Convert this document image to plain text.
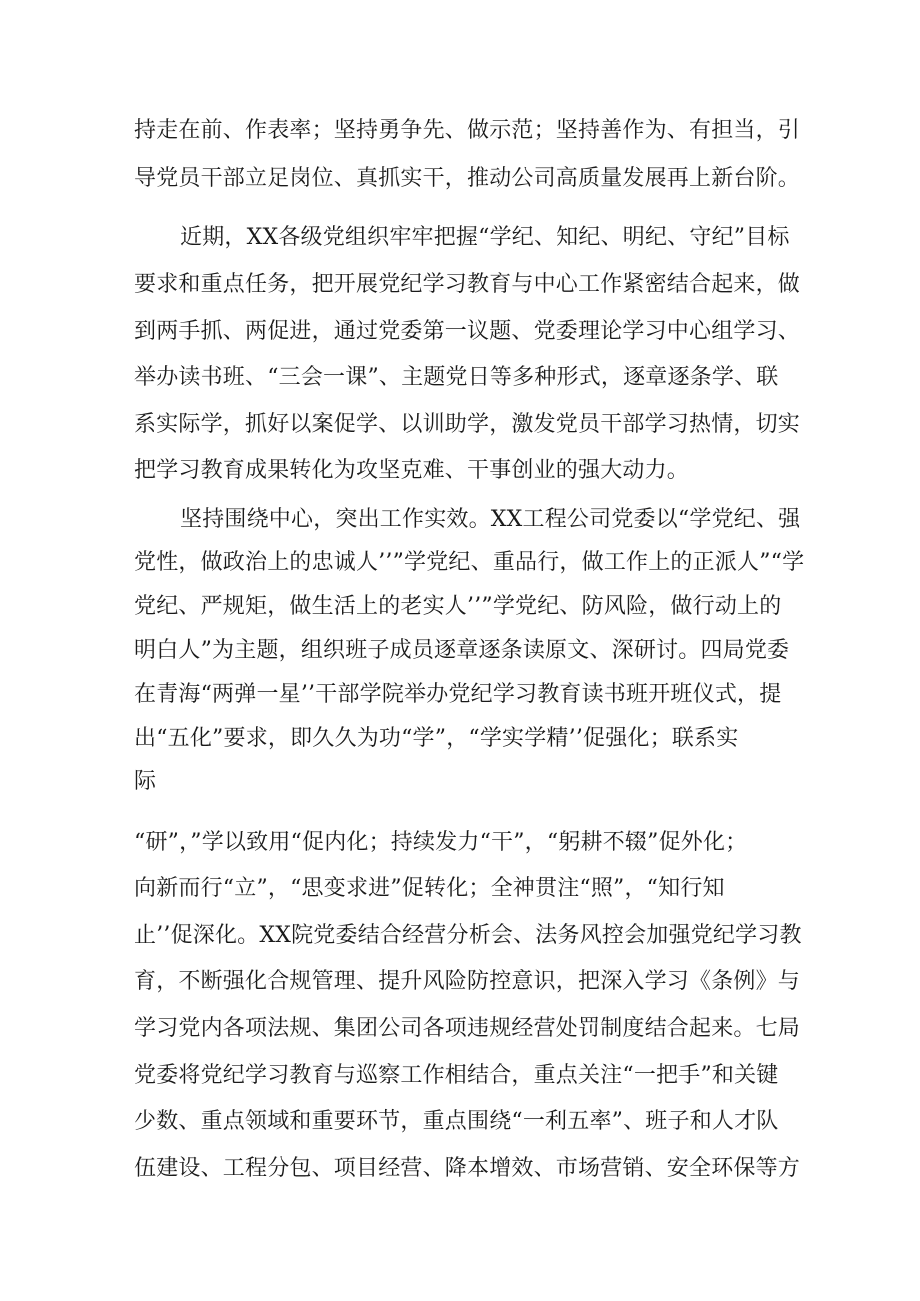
持走在前、作表率；坚持勇争先、做示范；坚持善作为、有担当，引
导党员干部立足岗位、真抓实干，推动公司高质量发展再上新台阶。
近期，XX各级党组织牢牢把握“学纪、知纪、明纪、守纪”目标
要求和重点任务，把开展党纪学习教育与中心工作紧密结合起来，做
到两手抓、两促进，通过党委第一议题、党委理论学习中心组学习、
举办读书班、“三会一课”、主题党日等多种形式，逐章逐条学、联
系实际学，抓好以案促学、以训助学，激发党员干部学习热情，切实
把学习教育成果转化为攻坚克难、干事创业的强大动力。
坚持围绕中心，突出工作实效。XX工程公司党委以“学党纪、强
党性，做政治上的忠诚人’’”学党纪、重品行，做工作上的正派人”“学
党纪、严规矩，做生活上的老实人’’”学党纪、防风险，做行动上的
明白人”为主题，组织班子成员逐章逐条读原文、深研讨。四局党委
在青海“两弹一星’’干部学院举办党纪学习教育读书班开班仪式，提
出“五化”要求，即久久为功“学”，“学实学精’’促强化；联系实
际
“研”，”学以致用“促内化；持续发力“干”，“躬耕不辍”促外化；
向新而行“立”，“思变求进”促转化；全神贯注“照”，“知行知
止’’促深化。XX院党委结合经营分析会、法务风控会加强党纪学习教
育，不断强化合规管理、提升风险防控意识，把深入学习《条例》与
学习党内各项法规、集团公司各项违规经营处罚制度结合起来。七局
党委将党纪学习教育与巡察工作相结合，重点关注“一把手”和关键
少数、重点领域和重要环节，重点围绕“一利五率”、班子和人才队
伍建设、工程分包、项目经营、降本增效、市场营销、安全环保等方
